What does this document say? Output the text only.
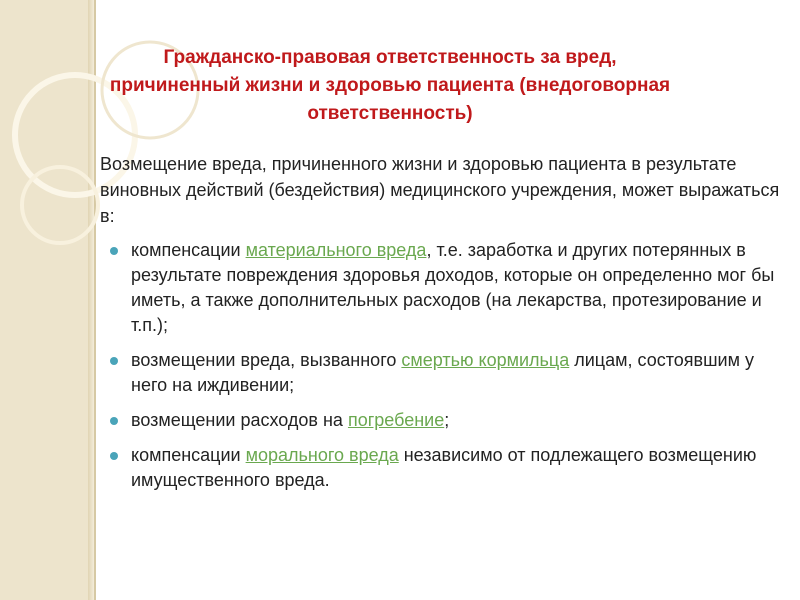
Гражданско-правовая ответственность за вред,
причиненный жизни и здоровью пациента (внедоговорная
ответственность)
Возмещение вреда, причиненного жизни и здоровью пациента в результате виновных действий (бездействия) медицинского учреждения, может выражаться в:
компенсации материального вреда, т.е. заработка и других потерянных в результате повреждения здоровья доходов, которые он определенно мог бы иметь, а также дополнительных расходов (на лекарства, протезирование и т.п.);
возмещении вреда, вызванного смертью кормильца лицам, состоявшим у него на иждивении;
возмещении расходов на погребение;
компенсации морального вреда независимо от подлежащего возмещению имущественного вреда.
